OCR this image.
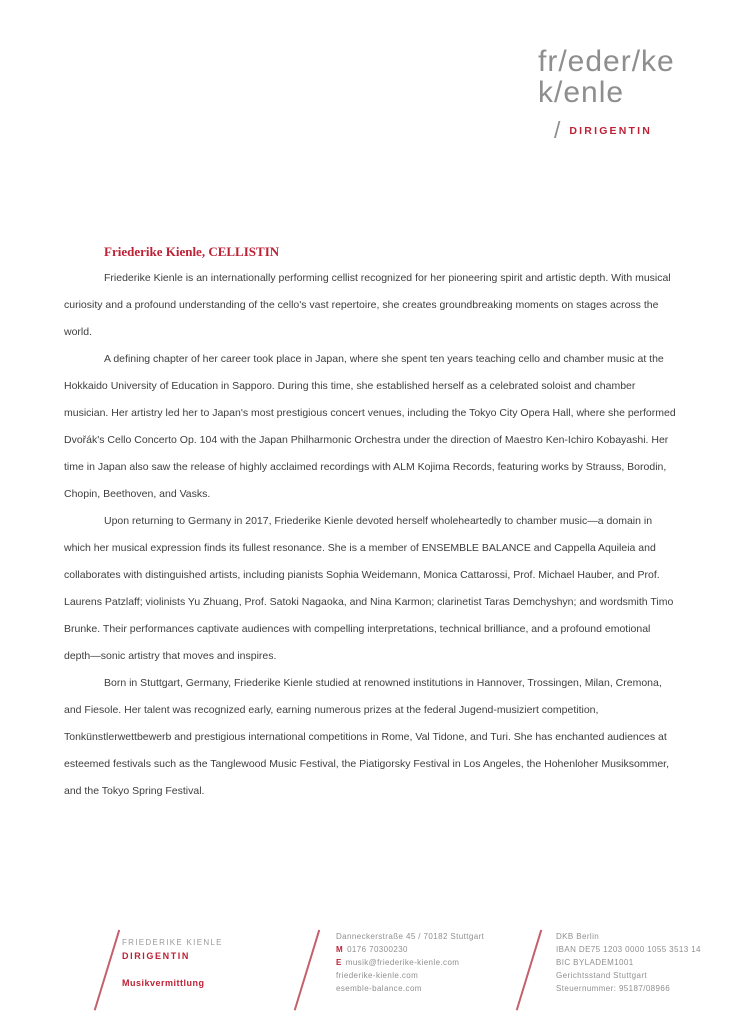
fr/eder/ke
k/enle
/ DIRIGENTIN
Friederike Kienle, CELLISTIN

Friederike Kienle is an internationally performing cellist recognized for her pioneering spirit and artistic depth. With musical curiosity and a profound understanding of the cello's vast repertoire, she creates groundbreaking moments on stages across the world.

A defining chapter of her career took place in Japan, where she spent ten years teaching cello and chamber music at the Hokkaido University of Education in Sapporo. During this time, she established herself as a celebrated soloist and chamber musician. Her artistry led her to Japan's most prestigious concert venues, including the Tokyo City Opera Hall, where she performed Dvořák's Cello Concerto Op. 104 with the Japan Philharmonic Orchestra under the direction of Maestro Ken-Ichiro Kobayashi. Her time in Japan also saw the release of highly acclaimed recordings with ALM Kojima Records, featuring works by Strauss, Borodin, Chopin, Beethoven, and Vasks.

Upon returning to Germany in 2017, Friederike Kienle devoted herself wholeheartedly to chamber music—a domain in which her musical expression finds its fullest resonance. She is a member of ENSEMBLE BALANCE and Cappella Aquileia and collaborates with distinguished artists, including pianists Sophia Weidemann, Monica Cattarossi, Prof. Michael Hauber, and Prof. Laurens Patzlaff; violinists Yu Zhuang, Prof. Satoki Nagaoka, and Nina Karmon; clarinetist Taras Demchyshyn; and wordsmith Timo Brunke. Their performances captivate audiences with compelling interpretations, technical brilliance, and a profound emotional depth—sonic artistry that moves and inspires.

Born in Stuttgart, Germany, Friederike Kienle studied at renowned institutions in Hannover, Trossingen, Milan, Cremona, and Fiesole. Her talent was recognized early, earning numerous prizes at the federal Jugend-musiziert competition, Tonkünstlerwettbewerb and prestigious international competitions in Rome, Val Tidone, and Turi. She has enchanted audiences at esteemed festivals such as the Tanglewood Music Festival, the Piatigorsky Festival in Los Angeles, the Hohenloher Musiksommer, and the Tokyo Spring Festival.

FRIEDERIKE KIENLE
DIRIGENTIN
Musikvermittlung
Danneckerstraße 45 / 70182 Stuttgart
M 0176 70300230
E musik@friederike-kienle.com
friederike-kienle.com
esemble-balance.com
DKB Berlin
IBAN DE75 1203 0000 1055 3513 14
BIC BYLADEM1001
Gerichtsstand Stuttgart
Steuernummer: 95187/08966
